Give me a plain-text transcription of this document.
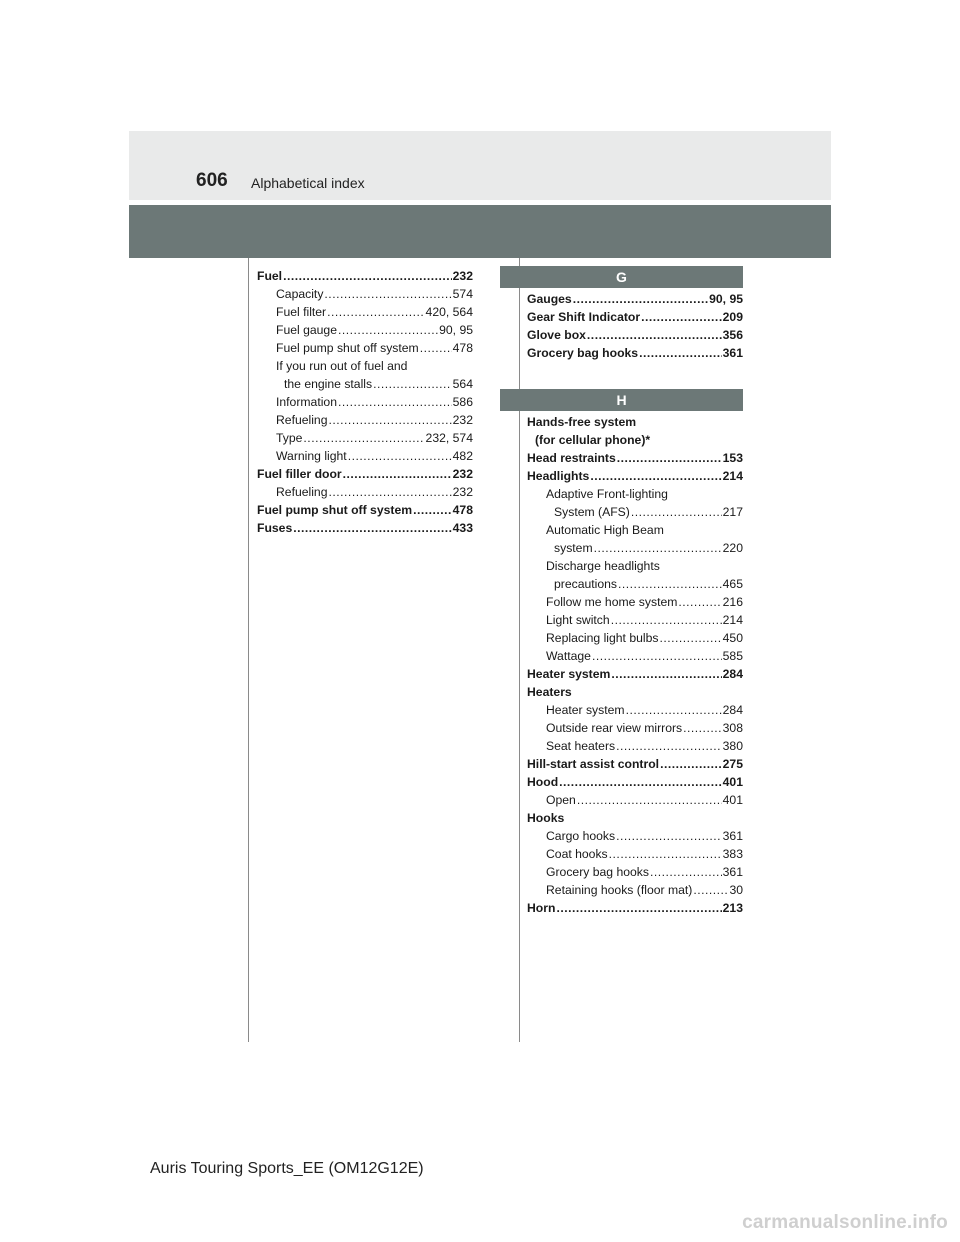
606 Alphabetical index
Fuel .....	232
Capacity .....	574
Fuel filter .....	420, 564
Fuel gauge .....	90, 95
Fuel pump shut off system .....	478
If you run out of fuel and
the engine stalls .....	564
Information .....	586
Refueling .....	232
Type .....	232, 574
Warning light .....	482
Fuel filler door .....	232
Refueling .....	232
Fuel pump shut off system .....	478
Fuses .....	433
G
Gauges .....	90, 95
Gear Shift Indicator .....	209
Glove box .....	356
Grocery bag hooks .....	361
H
Hands-free system
(for cellular phone)*
Head restraints .....	153
Headlights .....	214
Adaptive Front-lighting
System (AFS) .....	217
Automatic High Beam
system .....	220
Discharge headlights
precautions .....	465
Follow me home system .....	216
Light switch .....	214
Replacing light bulbs .....	450
Wattage .....	585
Heater system .....	284
Heaters
Heater system .....	284
Outside rear view mirrors .....	308
Seat heaters .....	380
Hill-start assist control .....	275
Hood .....	401
Open .....	401
Hooks
Cargo hooks .....	361
Coat hooks .....	383
Grocery bag hooks .....	361
Retaining hooks (floor mat) .....	30
Horn .....	213
Auris Touring Sports_EE (OM12G12E)
carmanualsonline.info
